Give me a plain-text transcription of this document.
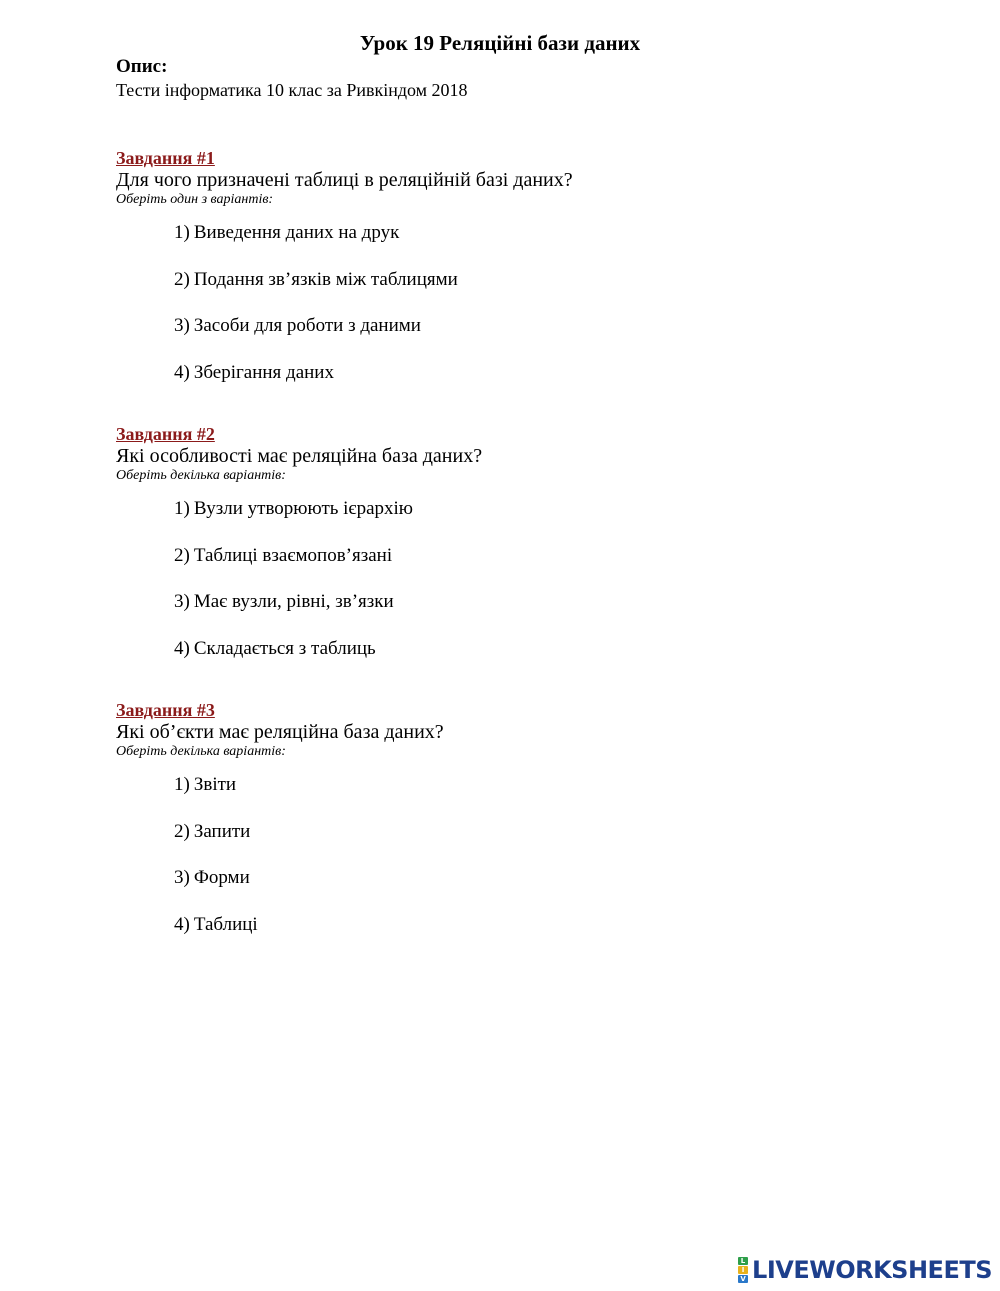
Урок 19 Реляційні бази даних
Опис:
Тести інформатика 10 клас за Ривкіндом 2018
Завдання #1
Для чого призначені таблиці в реляційній базі даних?
Оберіть один з варіантів:
1) Виведення даних на друк
2) Подання зв’язків між таблицями
3) Засоби для роботи з даними
4) Зберігання даних
Завдання #2
Які особливості має реляційна база даних?
Оберіть декілька варіантів:
1) Вузли утворюють ієрархію
2) Таблиці взаємопов’язані
3) Має вузли, рівні, зв’язки
4) Складається з таблиць
Завдання #3
Які об’єкти має реляційна база даних?
Оберіть декілька варіантів:
1) Звіти
2) Запити
3) Форми
4) Таблиці
L
I
V LIVEWORKSHEETS
